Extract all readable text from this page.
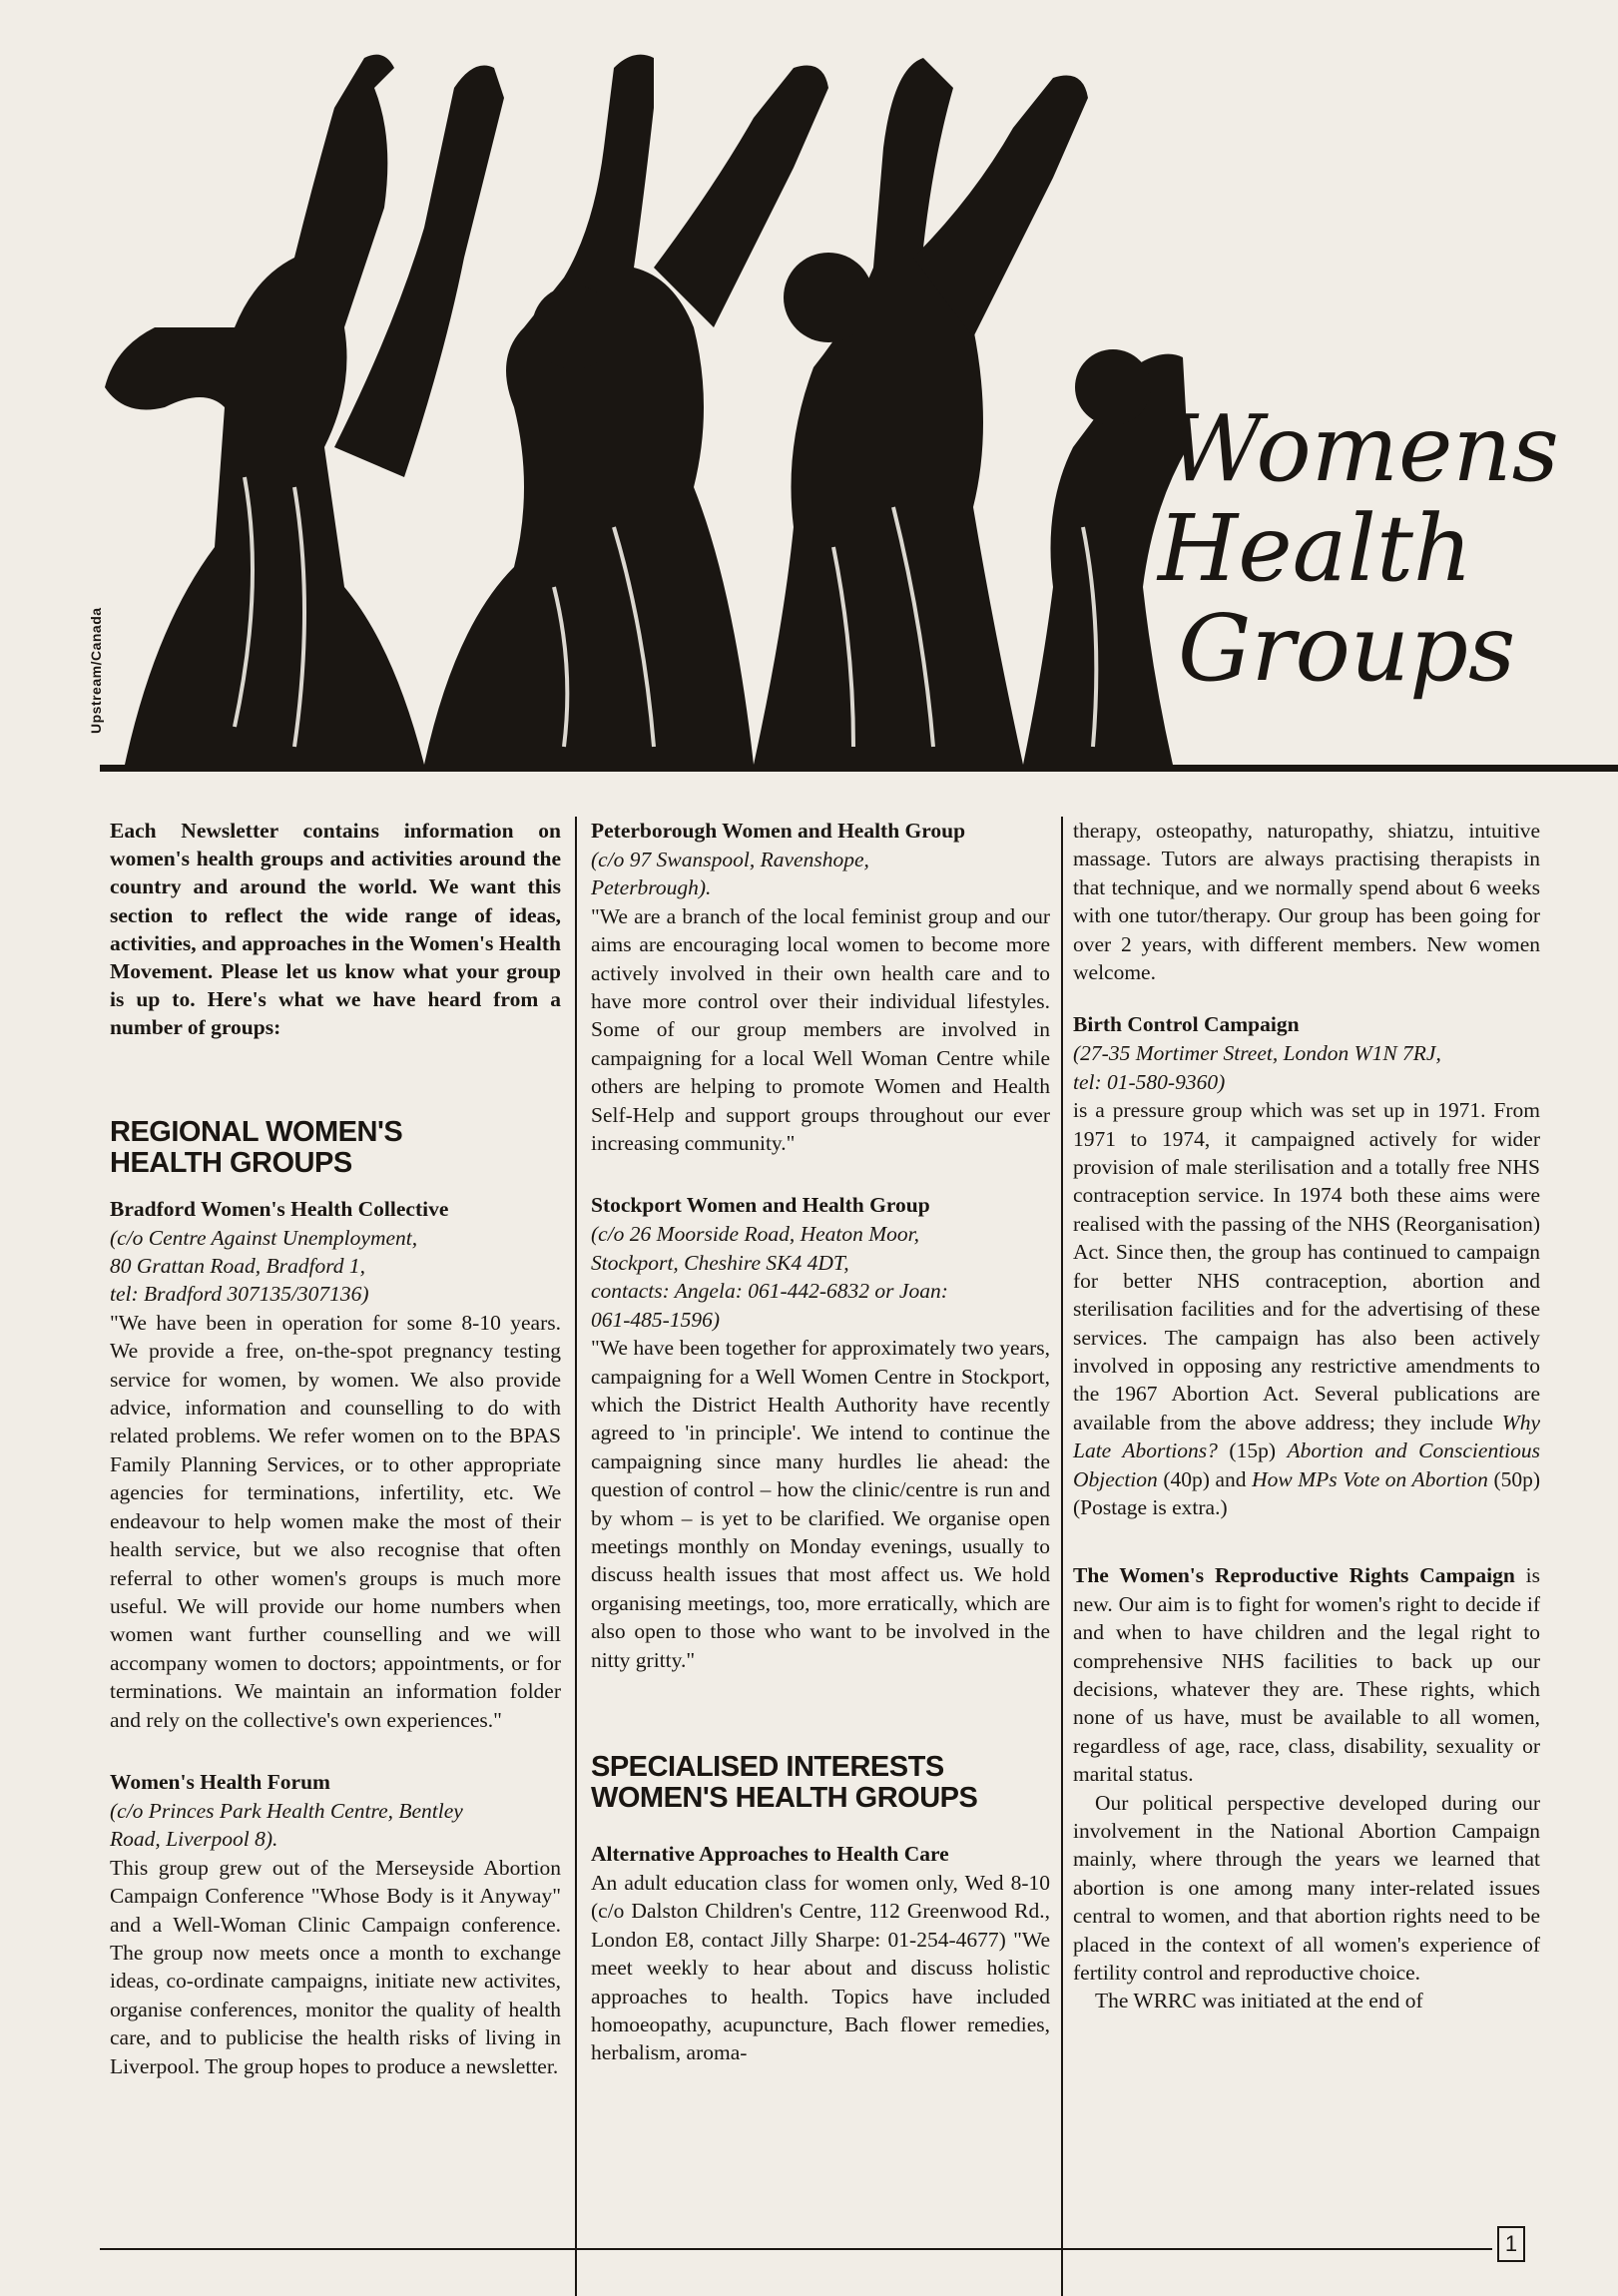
Upstream/Canada
Womens
Health
Groups

Each Newsletter contains information on women's health groups and activities around the country and around the world. We want this section to reflect the wide range of ideas, activities, and approaches in the Women's Health Movement. Please let us know what your group is up to. Here's what we have heard from a number of groups:

REGIONAL WOMEN'S
HEALTH GROUPS
Bradford Women's Health Collective
(c/o Centre Against Unemployment,
80 Grattan Road, Bradford 1,
tel: Bradford 307135/307136)

"We have been in operation for some 8-10 years. We provide a free, on-the-spot pregnancy testing service for women, by women. We also provide advice, information and counselling to do with related problems. We refer women on to the BPAS Family Planning Services, or to other appropriate agencies for terminations, infertility, etc. We endeavour to help women make the most of their health service, but we also recognise that often referral to other women's groups is much more useful. We will provide our home numbers when women want further counselling and we will accompany women to doctors; appointments, or for terminations. We maintain an information folder and rely on the collective's own experiences."

Women's Health Forum
(c/o Princes Park Health Centre, Bentley
Road, Liverpool 8).

This group grew out of the Merseyside Abortion Campaign Conference "Whose Body is it Anyway" and a Well-Woman Clinic Campaign conference. The group now meets once a month to exchange ideas, co-ordinate campaigns, initiate new activites, organise conferences, monitor the quality of health care, and to publicise the health risks of living in Liverpool. The group hopes to produce a newsletter.

Peterborough Women and Health Group
(c/o 97 Swanspool, Ravenshope,
Peterbrough).

"We are a branch of the local feminist group and our aims are encouraging local women to become more actively involved in their own health care and to have more control over their individual lifestyles. Some of our group members are involved in campaigning for a local Well Woman Centre while others are helping to promote Women and Health Self-Help and support groups throughout our ever increasing community."

Stockport Women and Health Group
(c/o 26 Moorside Road, Heaton Moor,
Stockport, Cheshire SK4 4DT,
contacts: Angela: 061-442-6832 or Joan:
061-485-1596)

"We have been together for approximately two years, campaigning for a Well Women Centre in Stockport, which the District Health Authority have recently agreed to 'in principle'. We intend to continue the campaigning since many hurdles lie ahead: the question of control – how the clinic/centre is run and by whom – is yet to be clarified. We organise open meetings monthly on Monday evenings, usually to discuss health issues that most affect us. We hold organising meetings, too, more erratically, which are also open to those who want to be involved in the nitty gritty."

SPECIALISED INTERESTS
WOMEN'S HEALTH GROUPS
Alternative Approaches to Health Care

An adult education class for women only, Wed 8-10 (c/o Dalston Children's Centre, 112 Greenwood Rd., London E8, contact Jilly Sharpe: 01-254-4677) "We meet weekly to hear about and discuss holistic approaches to health. Topics have included homoeopathy, acupuncture, Bach flower remedies, herbalism, aroma-

therapy, osteopathy, naturopathy, shiatzu, intuitive massage. Tutors are always practising therapists in that technique, and we normally spend about 6 weeks with one tutor/therapy. Our group has been going for over 2 years, with different members. New women welcome.

Birth Control Campaign
(27-35 Mortimer Street, London W1N 7RJ,
tel: 01-580-9360)

is a pressure group which was set up in 1971. From 1971 to 1974, it campaigned actively for wider provision of male sterilisation and a totally free NHS contraception service. In 1974 both these aims were realised with the passing of the NHS (Reorganisation) Act. Since then, the group has continued to campaign for better NHS contraception, abortion and sterilisation facilities and for the advertising of these services. The campaign has also been actively involved in opposing any restrictive amendments to the 1967 Abortion Act. Several publications are available from the above address; they include Why Late Abortions? (15p) Abortion and Conscientious Objection (40p) and How MPs Vote on Abortion (50p) (Postage is extra.)

The Women's Reproductive Rights Campaign is new. Our aim is to fight for women's right to decide if and when to have children and the legal right to comprehensive NHS facilities to back up our decisions, whatever they are. These rights, which none of us have, must be available to all women, regardless of age, race, class, disability, sexuality or marital status.

Our political perspective developed during our involvement in the National Abortion Campaign mainly, where through the years we learned that abortion is one among many inter-related issues central to women, and that abortion rights need to be placed in the context of all women's experience of fertility control and reproductive choice.

The WRRC was initiated at the end of

1
